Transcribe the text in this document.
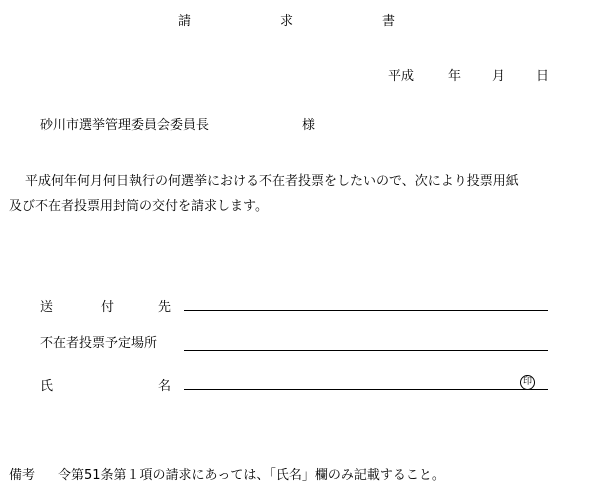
請	求	書
平成	年 月 日
砂川市選挙管理委員会委員長	様
平成何年何月何日執行の何選挙における不在者投票をしたいので、次により投票用紙
及び不在者投票用封筒の交付を請求します。
送	付	先
不在者投票予定場所
氏	名	印
備考 令第51条第１項の請求にあっては、「氏名」欄のみ記載すること。
